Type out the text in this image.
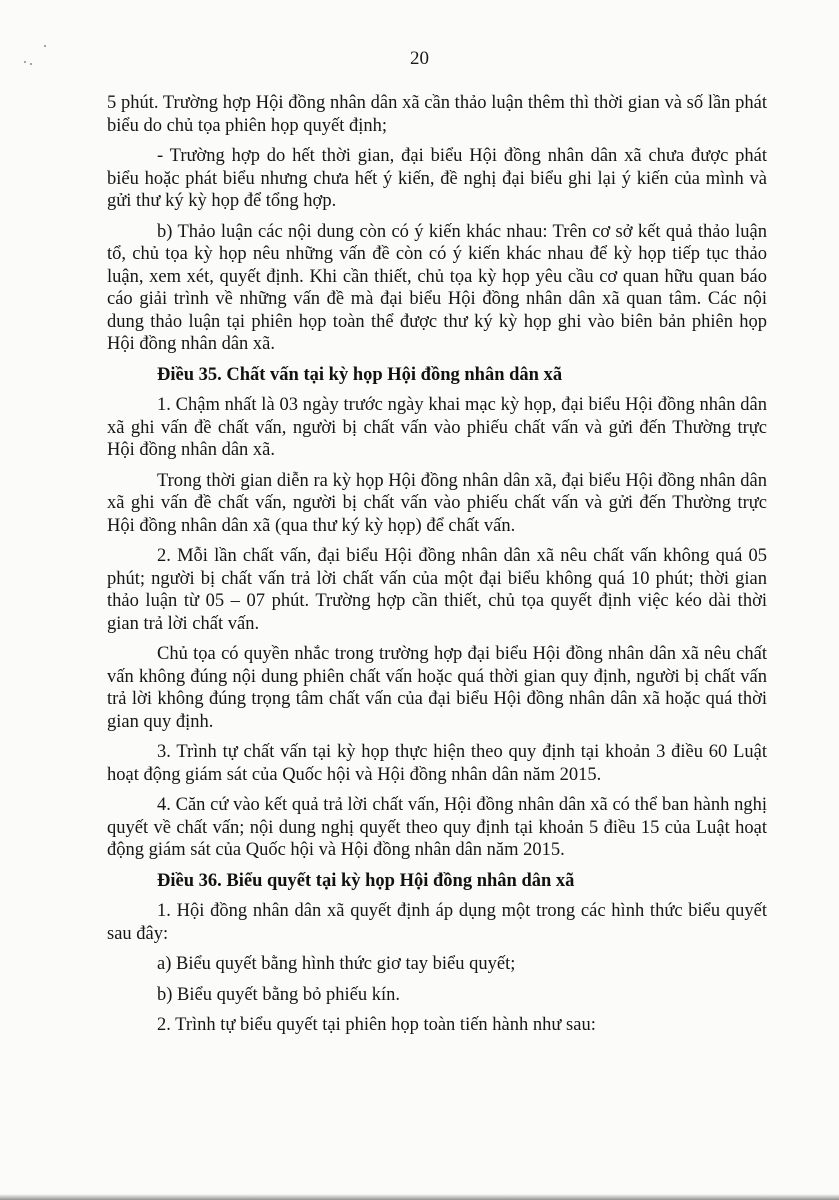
20

5 phút. Trường hợp Hội đồng nhân dân xã cần thảo luận thêm thì thời gian và số lần phát biểu do chủ tọa phiên họp quyết định;

- Trường hợp do hết thời gian, đại biểu Hội đồng nhân dân xã chưa được phát biểu hoặc phát biểu nhưng chưa hết ý kiến, đề nghị đại biểu ghi lại ý kiến của mình và gửi thư ký kỳ họp để tổng hợp.

b) Thảo luận các nội dung còn có ý kiến khác nhau: Trên cơ sở kết quả thảo luận tổ, chủ tọa kỳ họp nêu những vấn đề còn có ý kiến khác nhau để kỳ họp tiếp tục thảo luận, xem xét, quyết định. Khi cần thiết, chủ tọa kỳ họp yêu cầu cơ quan hữu quan báo cáo giải trình về những vấn đề mà đại biểu Hội đồng nhân dân xã quan tâm. Các nội dung thảo luận tại phiên họp toàn thể được thư ký kỳ họp ghi vào biên bản phiên họp Hội đồng nhân dân xã.

Điều 35. Chất vấn tại kỳ họp Hội đồng nhân dân xã

1. Chậm nhất là 03 ngày trước ngày khai mạc kỳ họp, đại biểu Hội đồng nhân dân xã ghi vấn đề chất vấn, người bị chất vấn vào phiếu chất vấn và gửi đến Thường trực Hội đồng nhân dân xã.

Trong thời gian diễn ra kỳ họp Hội đồng nhân dân xã, đại biểu Hội đồng nhân dân xã ghi vấn đề chất vấn, người bị chất vấn vào phiếu chất vấn và gửi đến Thường trực Hội đồng nhân dân xã (qua thư ký kỳ họp) để chất vấn.

2. Mỗi lần chất vấn, đại biểu Hội đồng nhân dân xã nêu chất vấn không quá 05 phút; người bị chất vấn trả lời chất vấn của một đại biểu không quá 10 phút; thời gian thảo luận từ 05 – 07 phút. Trường hợp cần thiết, chủ tọa quyết định việc kéo dài thời gian trả lời chất vấn.

Chủ tọa có quyền nhắc trong trường hợp đại biểu Hội đồng nhân dân xã nêu chất vấn không đúng nội dung phiên chất vấn hoặc quá thời gian quy định, người bị chất vấn trả lời không đúng trọng tâm chất vấn của đại biểu Hội đồng nhân dân xã hoặc quá thời gian quy định.

3. Trình tự chất vấn tại kỳ họp thực hiện theo quy định tại khoản 3 điều 60 Luật hoạt động giám sát của Quốc hội và Hội đồng nhân dân năm 2015.

4. Căn cứ vào kết quả trả lời chất vấn, Hội đồng nhân dân xã có thể ban hành nghị quyết về chất vấn; nội dung nghị quyết theo quy định tại khoản 5 điều 15 của Luật hoạt động giám sát của Quốc hội và Hội đồng nhân dân năm 2015.

Điều 36. Biểu quyết tại kỳ họp Hội đồng nhân dân xã

1. Hội đồng nhân dân xã quyết định áp dụng một trong các hình thức biểu quyết sau đây:

a) Biểu quyết bằng hình thức giơ tay biểu quyết;

b) Biểu quyết bằng bỏ phiếu kín.

2. Trình tự biểu quyết tại phiên họp toàn tiến hành như sau:
